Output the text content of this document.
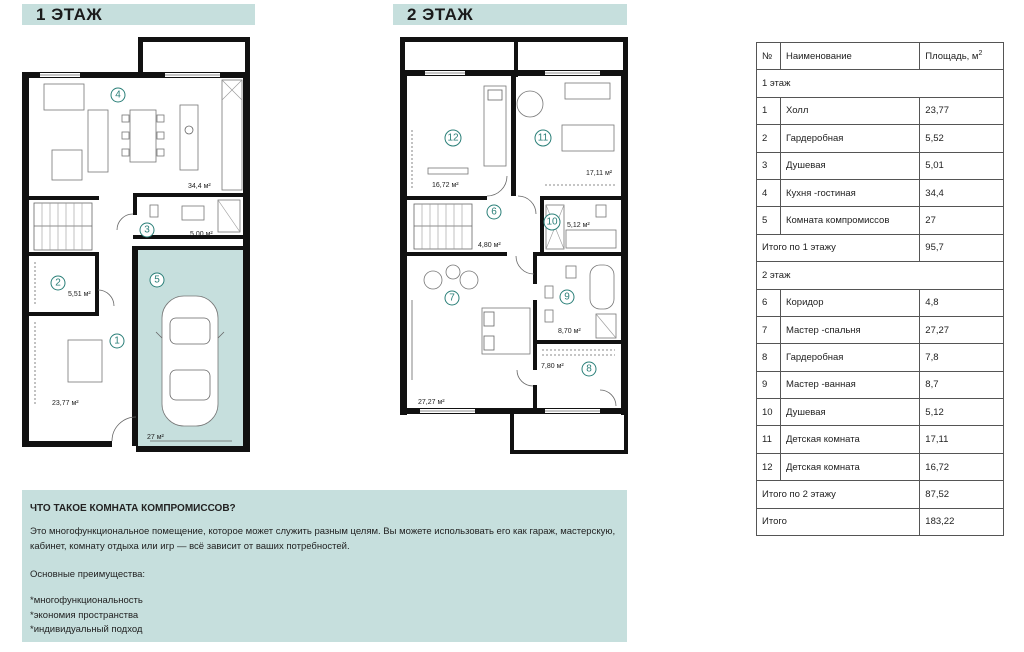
1 ЭТАЖ	2 ЭТАЖ
4
34,4 м²
3	5,00 м²
2
5,51 м²
5
27 м²
1
23,77 м²
12
16,72 м²
11
17,11 м²
6
4,80 м²
10 5,12 м²
7
27,27 м²
9
8,70 м²
8
7,80 м²
ЧТО ТАКОЕ КОМНАТА КОМПРОМИССОВ?
Это многофункциональное помещение, которое может служить разным целям. Вы можете использовать его как гараж, мастерскую, кабинет, комнату отдыха или игр — всё зависит от ваших потребностей.
Основные преимущества:
*многофункциональность
*экономия пространства
*индивидуальный подход
№	Наименование	Площадь, $м^2$
1 этаж		
1	Холл	23,77
2	Гардеробная	5,52
3	Душевая	5,01
4	Кухня -гостиная	34,4
5	Комната компромиссов	27
Итого по 1 этажу		95,7
2 этаж		
6	Коридор	4,8
7	Мастер -спальня	27,27
8	Гардеробная	7,8
9	Мастер -ванная	8,7
10	Душевая	5,12
11	Детская комната	17,11
12	Детская комната	16,72
Итого по 2 этажу		87,52
Итого		183,22
